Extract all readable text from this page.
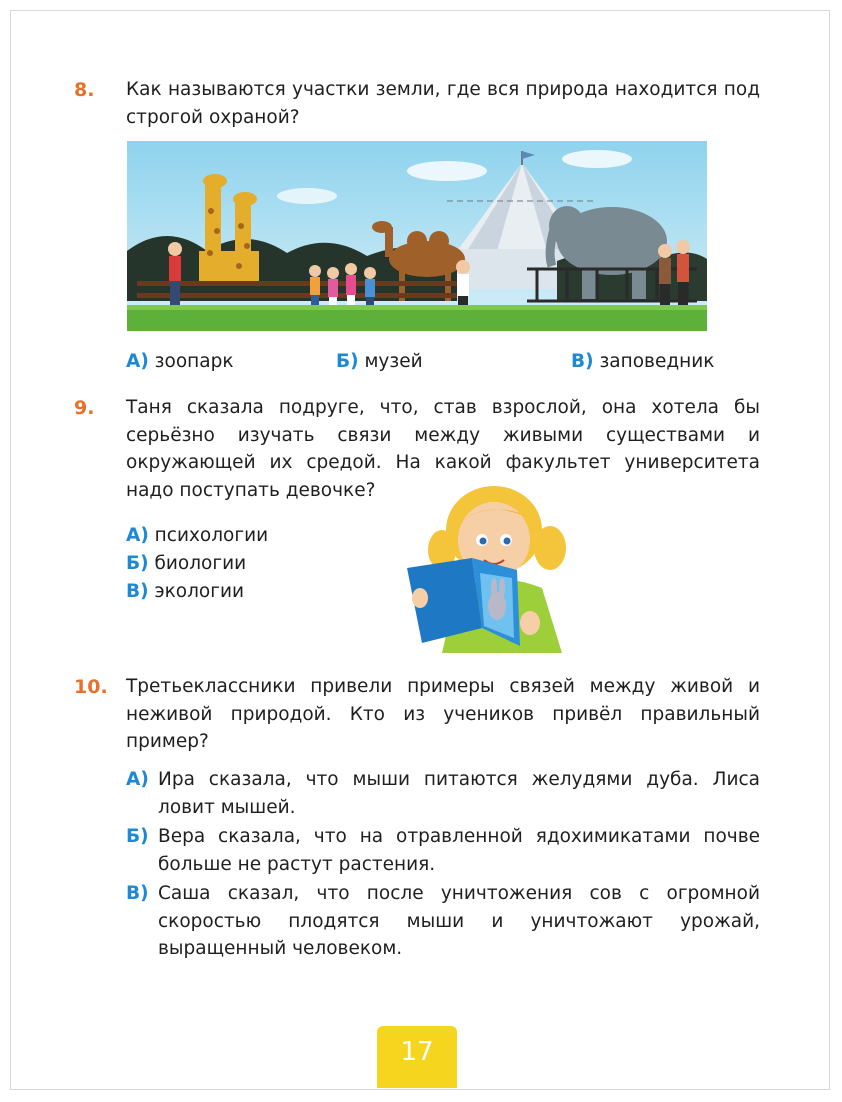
8. Как называются участки земли, где вся природа находится под строгой охраной?

А) зоопарк	Б) музей	В) заповедник
9. Таня сказала подруге, что, став взрослой, она хотела бы серьёзно изучать связи между живыми существами и окружающей их средой. На какой факультет университета надо поступать девочке?

А) психологии
Б) биологии
В) экологии
10. Третьеклассники привели примеры связей между живой и неживой природой. Кто из учеников привёл правильный пример?

А) Ира сказала, что мыши питаются желудями дуба. Лиса ловит мышей.
Б) Вера сказала, что на отравленной ядохимикатами почве больше не растут растения.
В) Саша сказал, что после уничтожения сов с огромной скоростью плодятся мыши и уничтожают урожай, выращенный человеком.
17
